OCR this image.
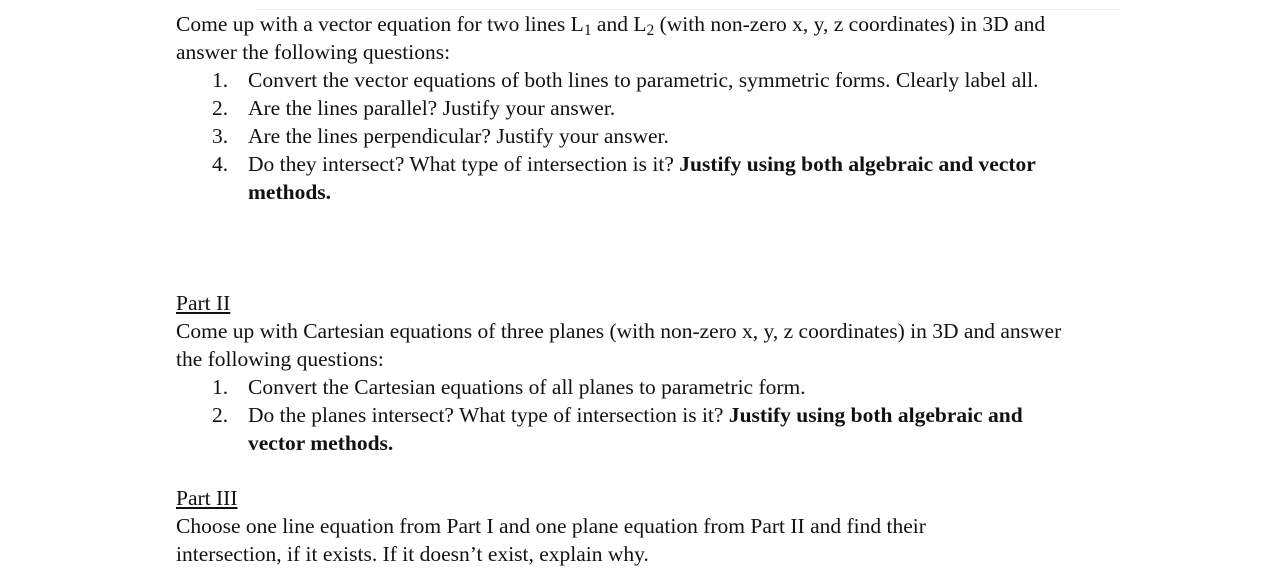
Come up with a vector equation for two lines $L_1$ and $L_2$ (with non-zero x, y, z coordinates) in 3D and answer the following questions:

1. Convert the vector equations of both lines to parametric, symmetric forms. Clearly label all.
2. Are the lines parallel? Justify your answer.
3. Are the lines perpendicular? Justify your answer.
4. Do they intersect? What type of intersection is it? Justify using both algebraic and vector methods.

Part II

Come up with Cartesian equations of three planes (with non-zero x, y, z coordinates) in 3D and answer the following questions:

1. Convert the Cartesian equations of all planes to parametric form.
2. Do the planes intersect? What type of intersection is it? Justify using both algebraic and vector methods.

Part III

Choose one line equation from Part I and one plane equation from Part II and find their intersection, if it exists. If it doesn’t exist, explain why.
